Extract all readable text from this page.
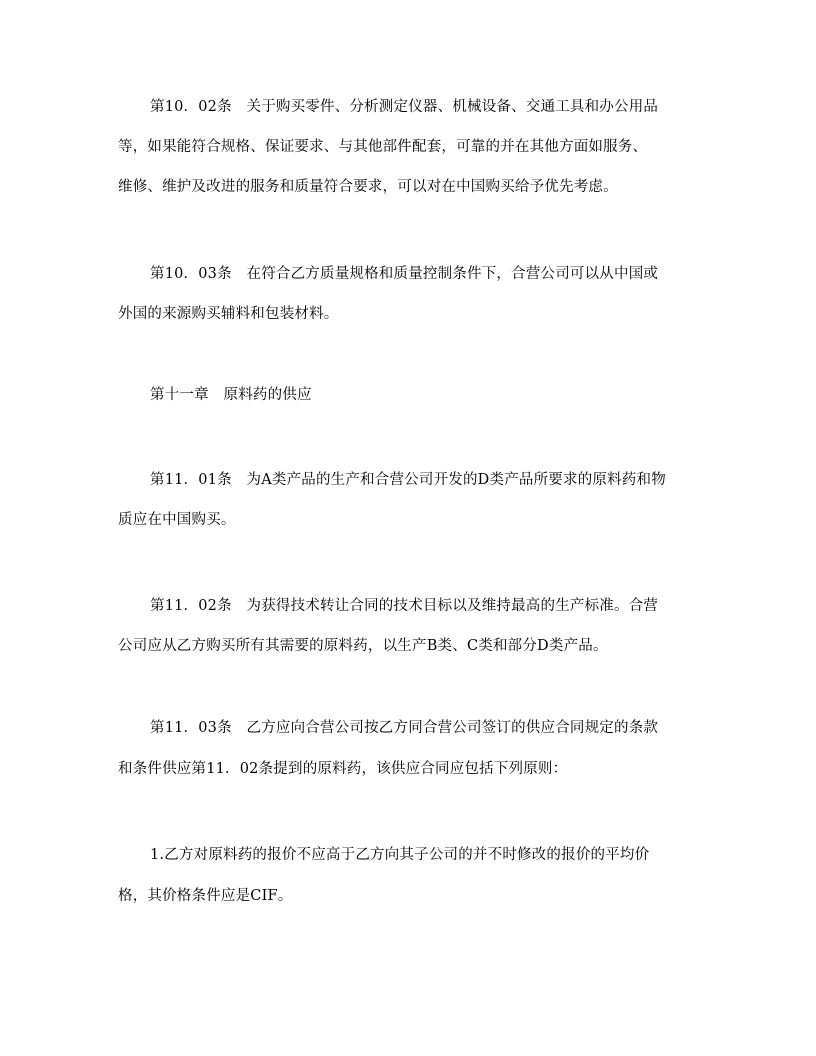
第10．02条　关于购买零件、分析测定仪器、机械设备、交通工具和办公用品
等，如果能符合规格、保证要求、与其他部件配套，可靠的并在其他方面如服务、
维修、维护及改进的服务和质量符合要求，可以对在中国购买给予优先考虑。
第10．03条　在符合乙方质量规格和质量控制条件下，合营公司可以从中国或
外国的来源购买辅料和包装材料。
第十一章　原料药的供应
第11．01条　为A类产品的生产和合营公司开发的D类产品所要求的原料药和物
质应在中国购买。
第11．02条　为获得技术转让合同的技术目标以及维持最高的生产标准。合营
公司应从乙方购买所有其需要的原料药，以生产B类、C类和部分D类产品。
第11．03条　乙方应向合营公司按乙方同合营公司签订的供应合同规定的条款
和条件供应第11．02条提到的原料药，该供应合同应包括下列原则：
1.乙方对原料药的报价不应高于乙方向其子公司的并不时修改的报价的平均价
格，其价格条件应是CIF。
